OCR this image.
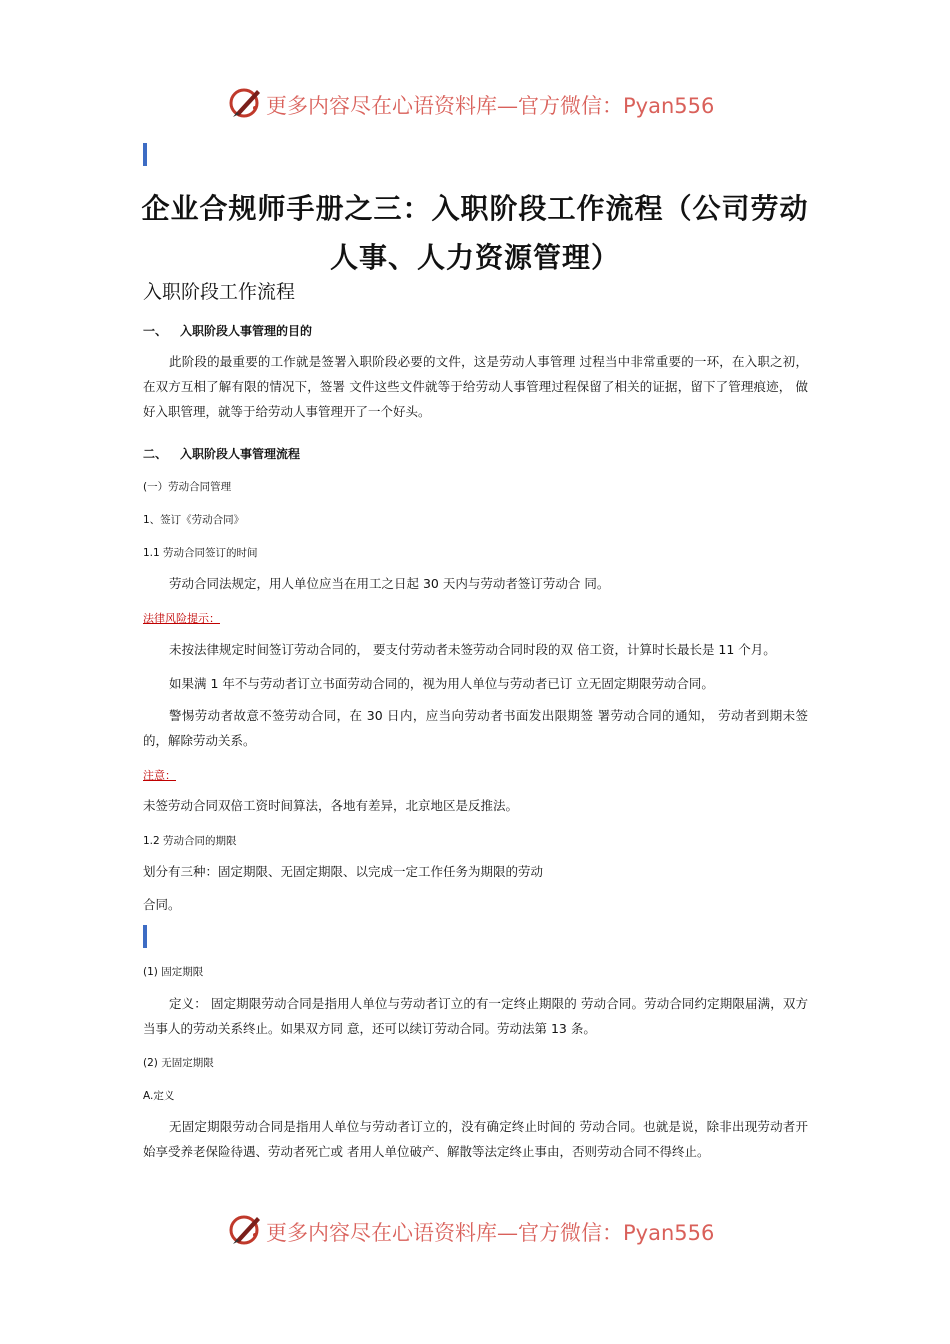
更多内容尽在心语资料库—官方微信：Pyan556
企业合规师手册之三：入职阶段工作流程（公司劳动
人事、人力资源管理）
入职阶段工作流程
一、 入职阶段人事管理的目的
此阶段的最重要的工作就是签署入职阶段必要的文件，这是劳动人事管理 过程当中非常重要的一环，在入职之初，在双方互相了解有限的情况下，签署 文件这些文件就等于给劳动人事管理过程保留了相关的证据，留下了管理痕迹， 做好入职管理，就等于给劳动人事管理开了一个好头。
二、 入职阶段人事管理流程
(一）劳动合同管理
1、签订《劳动合同》
1.1 劳动合同签订的时间
劳动合同法规定，用人单位应当在用工之日起 30 天内与劳动者签订劳动合 同。
法律风险提示：
未按法律规定时间签订劳动合同的， 要支付劳动者未签劳动合同时段的双 倍工资，计算时长最长是 11 个月。
如果满 1 年不与劳动者订立书面劳动合同的，视为用人单位与劳动者已订 立无固定期限劳动合同。
警惕劳动者故意不签劳动合同，在 30 日内，应当向劳动者书面发出限期签 署劳动合同的通知， 劳动者到期未签的，解除劳动关系。
注意：
未签劳动合同双倍工资时间算法，各地有差异，北京地区是反推法。
1.2 劳动合同的期限
划分有三种：固定期限、无固定期限、以完成一定工作任务为期限的劳动
合同。
(1) 固定期限
定义： 固定期限劳动合同是指用人单位与劳动者订立的有一定终止期限的 劳动合同。劳动合同约定期限届满，双方当事人的劳动关系终止。如果双方同 意，还可以续订劳动合同。劳动法第 13 条。
(2) 无固定期限
A.定义
无固定期限劳动合同是指用人单位与劳动者订立的，没有确定终止时间的 劳动合同。也就是说，除非出现劳动者开始享受养老保险待遇、劳动者死亡或 者用人单位破产、解散等法定终止事由，否则劳动合同不得终止。
更多内容尽在心语资料库—官方微信：Pyan556
